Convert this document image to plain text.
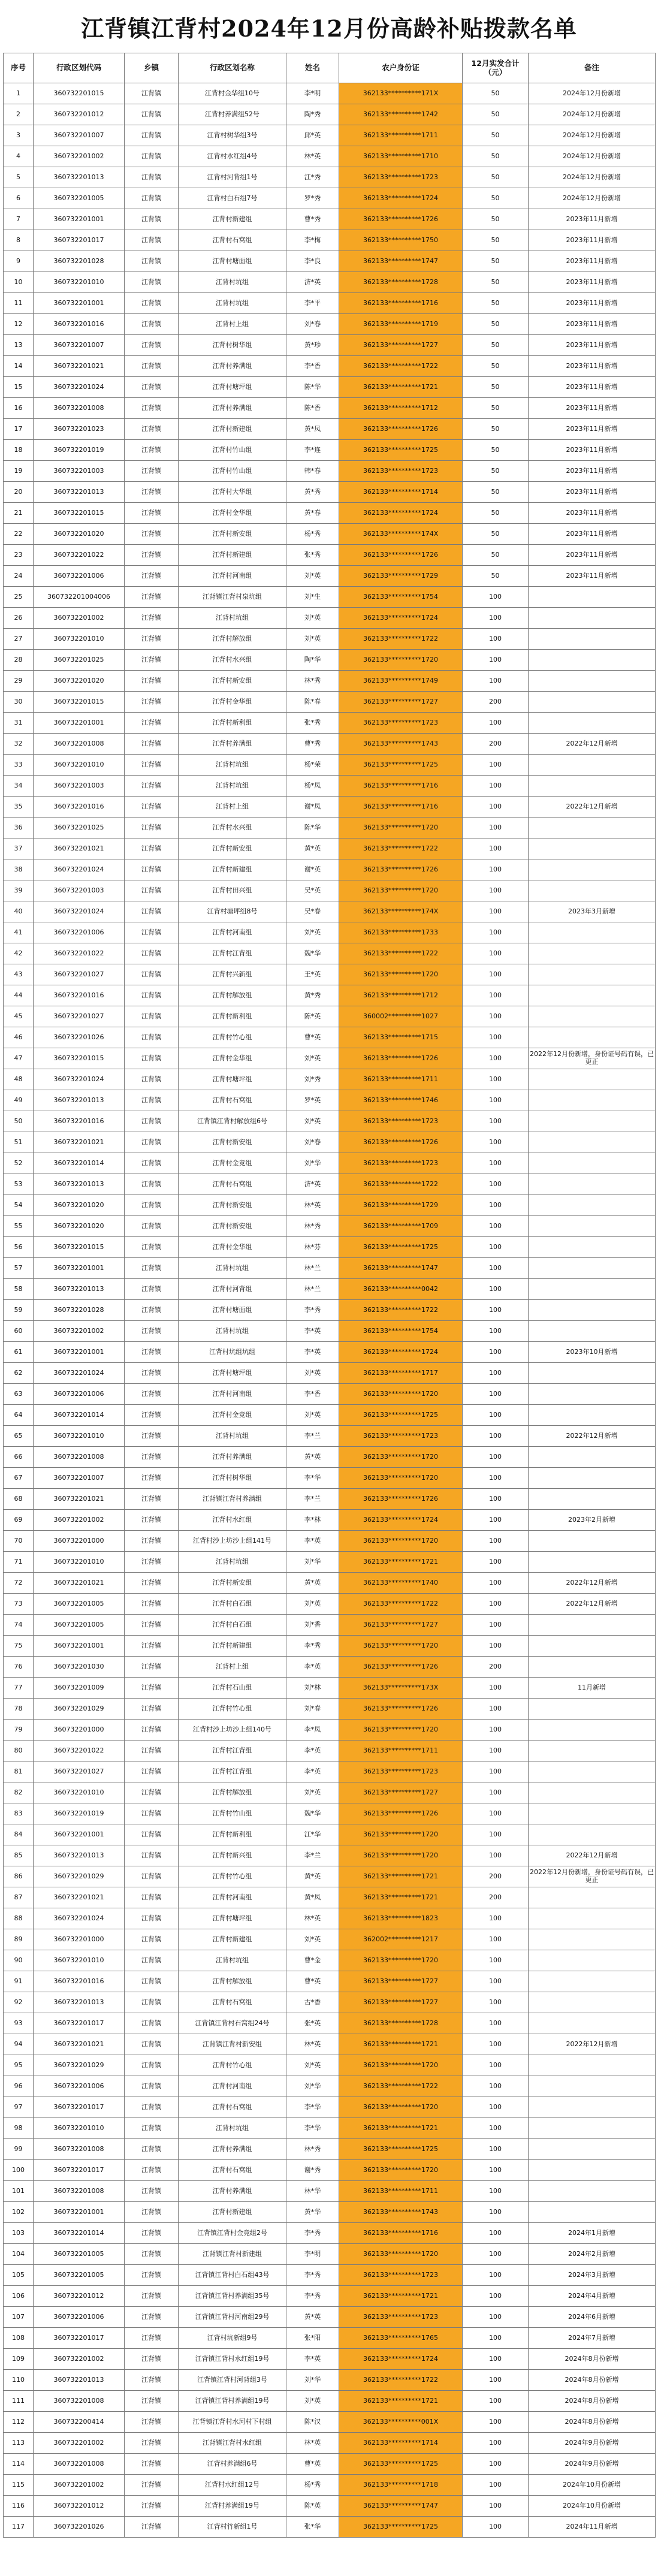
江背镇江背村2024年12月份高龄补贴拨款名单
序号	行政区划代码	乡镇	行政区划名称	姓名	农户身份证	12月实发合计（元）	备注
1	360732201015	江背镇	江背村金华组10号	李*明	362133**********171X	50	2024年12月份新增
2	360732201012	江背镇	江背村养满组52号	陶*秀	362133**********1742	50	2024年12月份新增
3	360732201007	江背镇	江背村树华组3号	邱*英	362133**********1711	50	2024年12月份新增
4	360732201002	江背镇	江背村水红组4号	林*英	362133**********1710	50	2024年12月份新增
5	360732201013	江背镇	江背村河背组1号	江*秀	362133**********1723	50	2024年12月份新增
6	360732201005	江背镇	江背村白石组7号	罗*秀	362133**********1724	50	2024年12月份新增
7	360732201001	江背镇	江背村新建组	曹*秀	362133**********1726	50	2023年11月新增
8	360732201017	江背镇	江背村石窝组	李*梅	362133**********1750	50	2023年11月新增
9	360732201028	江背镇	江背村塘面组	李*良	362133**********1747	50	2023年11月新增
10	360732201010	江背镇	江背村坑组	济*英	362133**********1728	50	2023年11月新增
11	360732201001	江背镇	江背村坑组	李*平	362133**********1716	50	2023年11月新增
12	360732201016	江背镇	江背村上组	刘*春	362133**********1719	50	2023年11月新增
13	360732201007	江背镇	江背村树华组	黄*珍	362133**********1727	50	2023年11月新增
14	360732201021	江背镇	江背村养满组	李*香	362133**********1722	50	2023年11月新增
15	360732201024	江背镇	江背村塘坪组	陈*华	362133**********1721	50	2023年11月新增
16	360732201008	江背镇	江背村养满组	陈*香	362133**********1712	50	2023年11月新增
17	360732201023	江背镇	江背村新建组	黄*凤	362133**********1726	50	2023年11月新增
18	360732201019	江背镇	江背村竹山组	李*连	362133**********1725	50	2023年11月新增
19	360732201003	江背镇	江背村竹山组	韩*春	362133**********1723	50	2023年11月新增
20	360732201013	江背镇	江背村大华组	黄*秀	362133**********1714	50	2023年11月新增
21	360732201015	江背镇	江背村金华组	黄*春	362133**********1724	50	2023年11月新增
22	360732201020	江背镇	江背村新安组	杨*秀	362133**********174X	50	2023年11月新增
23	360732201022	江背镇	江背村新建组	张*秀	362133**********1726	50	2023年11月新增
24	360732201006	江背镇	江背村河南组	刘*英	362133**********1729	50	2023年11月新增
25	360732201004006	江背镇	江背镇江背村泉坑组	刘*生	362133**********1754	100	
26	360732201002	江背镇	江背村坑组	刘*英	362133**********1724	100	
27	360732201010	江背镇	江背村解放组	刘*英	362133**********1722	100	
28	360732201025	江背镇	江背村水兴组	陶*华	362133**********1720	100	
29	360732201020	江背镇	江背村新安组	林*秀	362133**********1749	100	
30	360732201015	江背镇	江背村金华组	陈*春	362133**********1727	200	
31	360732201001	江背镇	江背村新利组	张*秀	362133**********1723	100	
32	360732201008	江背镇	江背村养满组	曹*秀	362133**********1743	200	2022年12月新增
33	360732201010	江背镇	江背村坑组	杨*荣	362133**********1725	100	
34	360732201003	江背镇	江背村坑组	杨*凤	362133**********1716	100	
35	360732201016	江背镇	江背村上组	谢*凤	362133**********1716	100	2022年12月新增
36	360732201025	江背镇	江背村水兴组	陈*华	362133**********1720	100	
37	360732201021	江背镇	江背村新安组	黄*英	362133**********1722	100	
38	360732201024	江背镇	江背村新建组	谢*英	362133**********1726	100	
39	360732201003	江背镇	江背村田兴组	吴*英	362133**********1720	100	
40	360732201024	江背镇	江背村塘坪组8号	吴*春	362133**********174X	100	2023年3月新增
41	360732201006	江背镇	江背村河南组	刘*英	362133**********1733	100	
42	360732201022	江背镇	江背村江背组	魏*华	362133**********1722	100	
43	360732201027	江背镇	江背村兴新组	王*英	362133**********1720	100	
44	360732201016	江背镇	江背村解放组	黄*秀	362133**********1712	100	
45	360732201027	江背镇	江背村新利组	陈*英	360002**********1027	100	
46	360732201026	江背镇	江背村竹心组	曹*英	362133**********1715	100	
47	360732201015	江背镇	江背村金华组	刘*英	362133**********1726	100	2022年12月份新增，身份证号码有误，已更正
48	360732201024	江背镇	江背村塘坪组	刘*秀	362133**********1711	100	
49	360732201013	江背镇	江背村石窝组	罗*英	362133**********1746	100	
50	360732201016	江背镇	江背镇江背村解放组6号	刘*英	362133**********1723	100	
51	360732201021	江背镇	江背村新安组	刘*春	362133**********1726	100	
52	360732201014	江背镇	江背村金竞组	刘*华	362133**********1723	100	
53	360732201013	江背镇	江背村石窝组	济*英	362133**********1722	100	
54	360732201020	江背镇	江背村新安组	林*英	362133**********1729	100	
55	360732201020	江背镇	江背村新安组	林*秀	362133**********1709	100	
56	360732201015	江背镇	江背村金华组	林*芬	362133**********1725	100	
57	360732201001	江背镇	江背村坑组	林*兰	362133**********1747	100	
58	360732201013	江背镇	江背村河背组	林*兰	362133**********0042	100	
59	360732201028	江背镇	江背村塘面组	李*秀	362133**********1722	100	
60	360732201002	江背镇	江背村坑组	李*英	362133**********1754	100	
61	360732201001	江背镇	江背村坑组坑组	李*英	362133**********1724	100	2023年10月新增
62	360732201024	江背镇	江背村塘坪组	刘*英	362133**********1717	100	
63	360732201006	江背镇	江背村河南组	李*香	362133**********1720	100	
64	360732201014	江背镇	江背村金竞组	刘*英	362133**********1725	100	
65	360732201010	江背镇	江背村坑组	李*兰	362133**********1723	100	2022年12月新增
66	360732201008	江背镇	江背村养满组	黄*英	362133**********1720	100	
67	360732201007	江背镇	江背村树华组	李*华	362133**********1720	100	
68	360732201021	江背镇	江背镇江背村养满组	李*兰	362133**********1726	100	
69	360732201002	江背镇	江背村水红组	李*林	362133**********1724	100	2023年2月新增
70	360732201000	江背镇	江背村沙上坊沙上组141号	李*英	362133**********1720	100	
71	360732201010	江背镇	江背村坑组	刘*华	362133**********1721	100	
72	360732201021	江背镇	江背村新安组	黄*英	362133**********1740	100	2022年12月新增
73	360732201005	江背镇	江背村白石组	刘*英	362133**********1722	100	2022年12月新增
74	360732201005	江背镇	江背村白石组	刘*香	362133**********1727	100	
75	360732201001	江背镇	江背村新建组	李*秀	362133**********1720	100	
76	360732201030	江背镇	江背村上组	李*英	362133**********1726	200	
77	360732201009	江背镇	江背村石山组	刘*林	362133**********173X	100	11月新增
78	360732201029	江背镇	江背村竹心组	刘*春	362133**********1726	100	
79	360732201000	江背镇	江背村沙上坊沙上组140号	李*凤	362133**********1720	100	
80	360732201022	江背镇	江背村江背组	李*英	362133**********1711	100	
81	360732201027	江背镇	江背村江背组	李*英	362133**********1723	100	
82	360732201010	江背镇	江背村解放组	刘*英	362133**********1727	100	
83	360732201019	江背镇	江背村竹山组	魏*华	362133**********1726	100	
84	360732201001	江背镇	江背村新利组	江*华	362133**********1720	100	
85	360732201013	江背镇	江背村新兴组	李*兰	362133**********1720	100	2022年12月新增
86	360732201029	江背镇	江背村竹心组	黄*英	362133**********1721	200	2022年12月份新增，身份证号码有误，已更正
87	360732201021	江背镇	江背村河南组	黄*凤	362133**********1721	200	
88	360732201024	江背镇	江背村塘坪组	林*英	362133**********1823	100	
89	360732201000	江背镇	江背村新建组	刘*英	362002**********1217	100	
90	360732201010	江背镇	江背村坑组	曹*金	362133**********1720	100	
91	360732201016	江背镇	江背村解放组	曹*英	362133**********1727	100	
92	360732201013	江背镇	江背村石窝组	古*香	362133**********1727	100	
93	360732201017	江背镇	江背镇江背村石窝组24号	张*英	362133**********1728	100	
94	360732201021	江背镇	江背镇江背村新安组	林*英	362133**********1721	100	2022年12月新增
95	360732201029	江背镇	江背村竹心组	刘*英	362133**********1720	100	
96	360732201006	江背镇	江背村河南组	刘*华	362133**********1722	100	
97	360732201017	江背镇	江背村石窝组	李*华	362133**********1720	100	
98	360732201010	江背镇	江背村坑组	李*华	362133**********1721	100	
99	360732201008	江背镇	江背村养满组	林*秀	362133**********1725	100	
100	360732201017	江背镇	江背村石窝组	谢*秀	362133**********1720	100	
101	360732201008	江背镇	江背村养满组	林*华	362133**********1711	100	
102	360732201001	江背镇	江背村新建组	黄*华	362133**********1743	100	
103	360732201014	江背镇	江背镇江背村金竞组2号	李*秀	362133**********1716	100	2024年1月新增
104	360732201005	江背镇	江背镇江背村新建组	李*明	362133**********1720	100	2024年2月新增
105	360732201005	江背镇	江背镇江背村白石组43号	李*秀	362133**********1723	100	2024年3月新增
106	360732201012	江背镇	江背镇江背村养满组35号	李*秀	362133**********1721	100	2024年4月新增
107	360732201006	江背镇	江背镇江背村河南组29号	黄*英	362133**********1723	100	2024年6月新增
108	360732201017	江背镇	江背村坑新组9号	张*阳	362133**********1765	100	2024年7月新增
109	360732201002	江背镇	江背镇江背村水红组19号	李*英	362133**********1724	100	2024年8月份新增
110	360732201013	江背镇	江背镇江背村河背组3号	刘*华	362133**********1722	100	2024年8月份新增
111	360732201008	江背镇	江背镇江背村养满组19号	刘*英	362133**********1721	100	2024年8月份新增
112	360732200414	江背镇	江背镇江背村水河村下村组	陈*汉	362133**********001X	100	2024年8月份新增
113	360732201002	江背镇	江背镇江背村水红组	林*英	362133**********1714	100	2024年9月份新增
114	360732201008	江背镇	江背村养满组6号	曹*英	362133**********1725	100	2024年9月份新增
115	360732201002	江背镇	江背村水红组12号	杨*秀	362133**********1718	100	2024年10月份新增
116	360732201012	江背镇	江背村养满组19号	陈*英	362133**********1747	100	2024年10月份新增
117	360732201026	江背镇	江背村竹新组1号	张*华	362133**********1725	100	2024年11月新增
